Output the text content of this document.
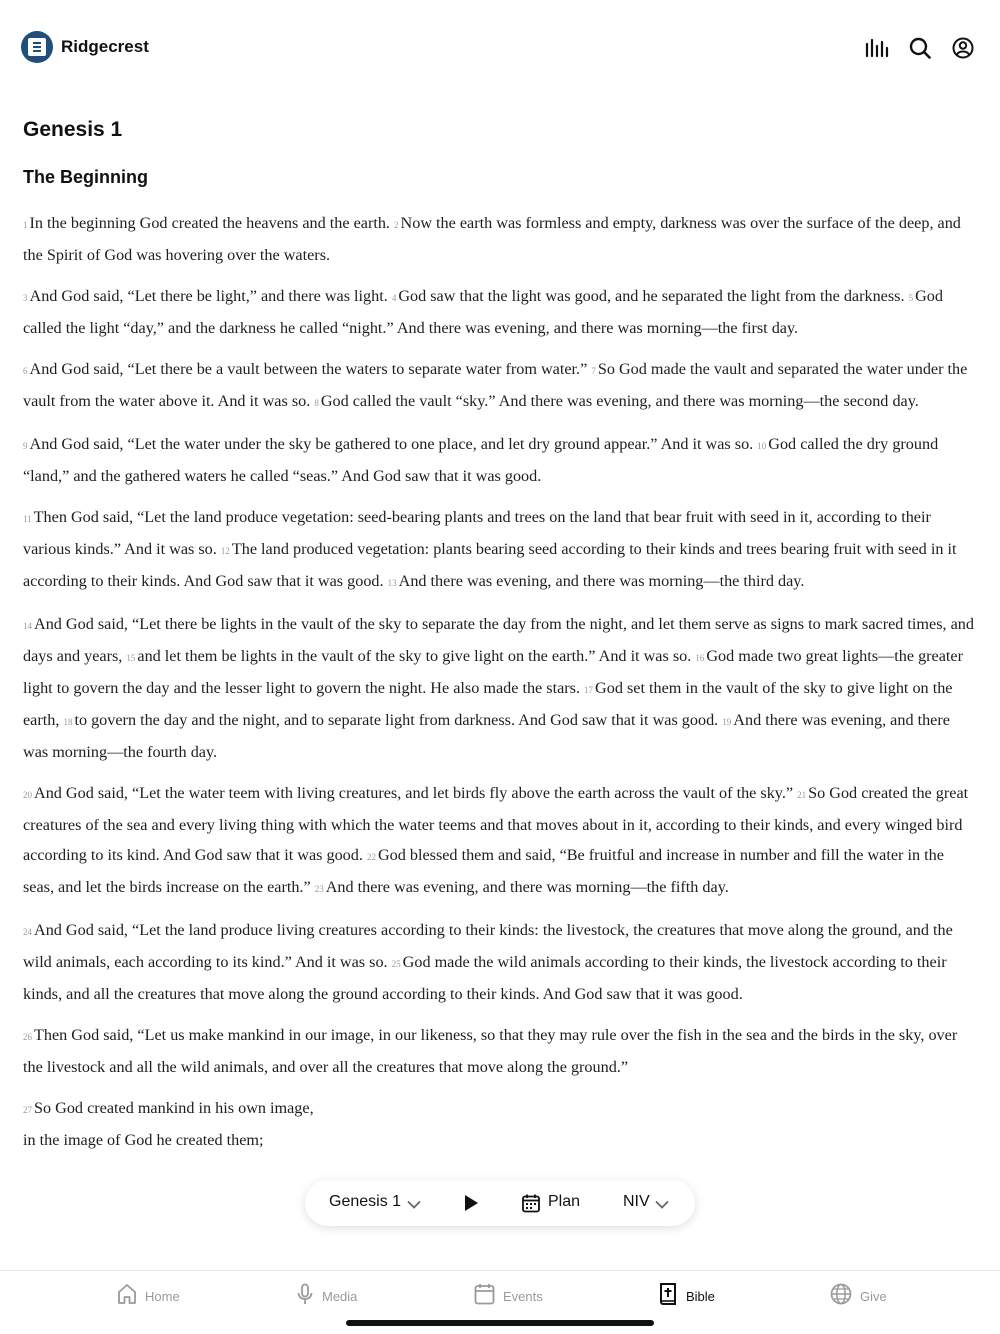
Ridgecrest
Genesis 1
The Beginning
1 In the beginning God created the heavens and the earth. 2 Now the earth was formless and empty, darkness was over the surface of the deep, and the Spirit of God was hovering over the waters.
3 And God said, “Let there be light,” and there was light. 4 God saw that the light was good, and he separated the light from the darkness. 5 God called the light “day,” and the darkness he called “night.” And there was evening, and there was morning—the first day.
6 And God said, “Let there be a vault between the waters to separate water from water.” 7 So God made the vault and separated the water under the vault from the water above it. And it was so. 8 God called the vault “sky.” And there was evening, and there was morning—the second day.
9 And God said, “Let the water under the sky be gathered to one place, and let dry ground appear.” And it was so. 10 God called the dry ground “land,” and the gathered waters he called “seas.” And God saw that it was good.
11 Then God said, “Let the land produce vegetation: seed-bearing plants and trees on the land that bear fruit with seed in it, according to their various kinds.” And it was so. 12 The land produced vegetation: plants bearing seed according to their kinds and trees bearing fruit with seed in it according to their kinds. And God saw that it was good. 13 And there was evening, and there was morning—the third day.
14 And God said, “Let there be lights in the vault of the sky to separate the day from the night, and let them serve as signs to mark sacred times, and days and years, 15 and let them be lights in the vault of the sky to give light on the earth.” And it was so. 16 God made two great lights—the greater light to govern the day and the lesser light to govern the night. He also made the stars. 17 God set them in the vault of the sky to give light on the earth, 18 to govern the day and the night, and to separate light from darkness. And God saw that it was good. 19 And there was evening, and there was morning—the fourth day.
20 And God said, “Let the water teem with living creatures, and let birds fly above the earth across the vault of the sky.” 21 So God created the great creatures of the sea and every living thing with which the water teems and that moves about in it, according to their kinds, and every winged bird according to its kind. And God saw that it was good. 22 God blessed them and said, “Be fruitful and increase in number and fill the water in the seas, and let the birds increase on the earth.” 23 And there was evening, and there was morning—the fifth day.
24 And God said, “Let the land produce living creatures according to their kinds: the livestock, the creatures that move along the ground, and the wild animals, each according to its kind.” And it was so. 25 God made the wild animals according to their kinds, the livestock according to their kinds, and all the creatures that move along the ground according to their kinds. And God saw that it was good.
26 Then God said, “Let us make mankind in our image, in our likeness, so that they may rule over the fish in the sea and the birds in the sky, over the livestock and all the wild animals, and over all the creatures that move along the ground.”
27 So God created mankind in his own image,
in the image of God he created them;
Genesis 1	Plan	NIV
Home	Media	Events	Bible	Give
